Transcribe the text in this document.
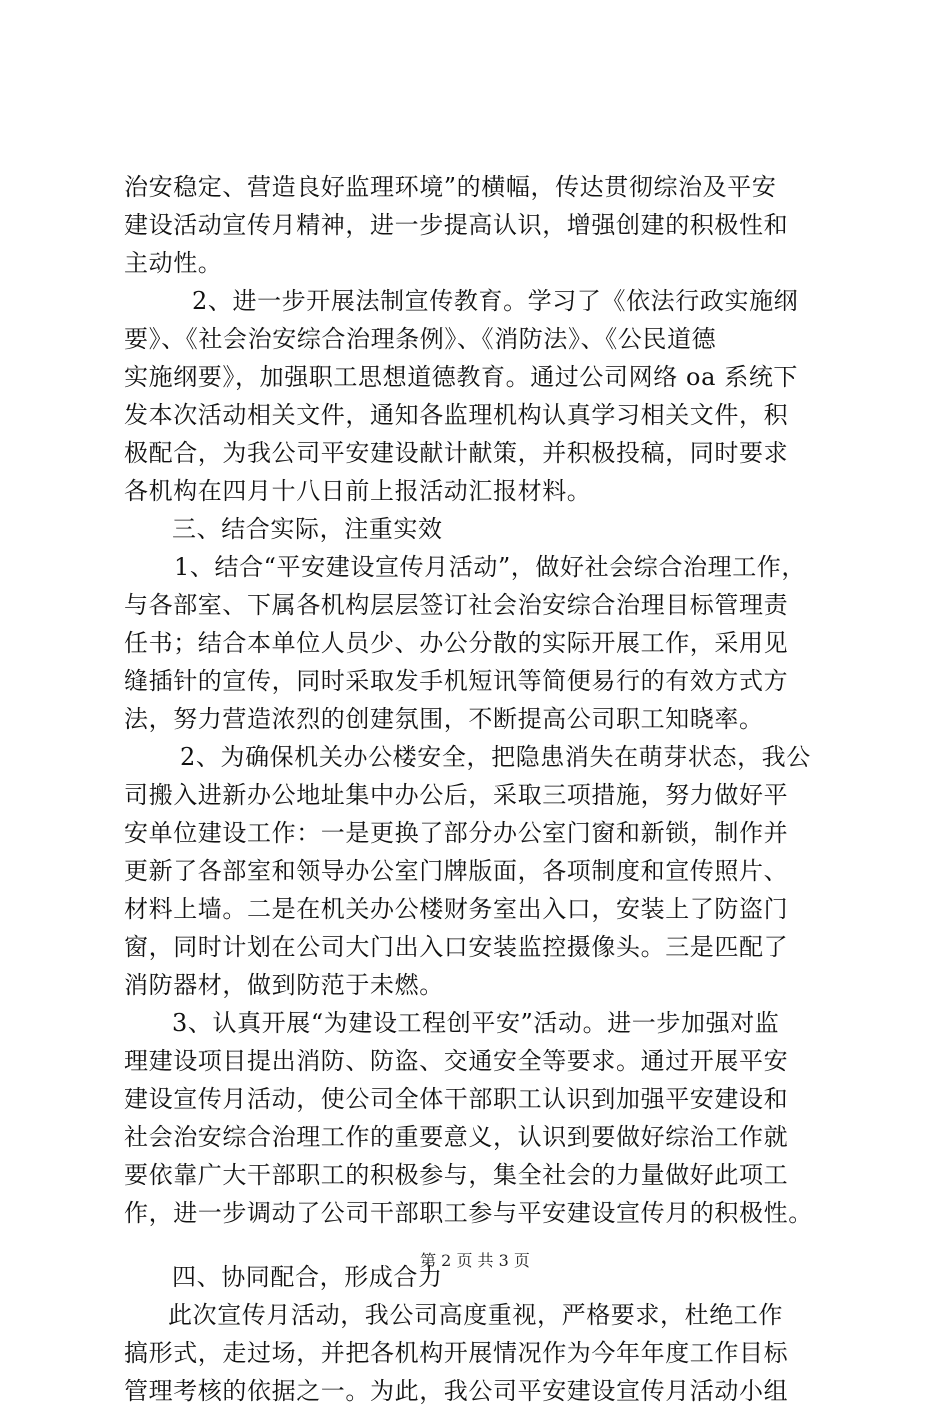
治安稳定、营造良好监理环境”的横幅，传达贯彻综治及平安
建设活动宣传月精神，进一步提高认识，增强创建的积极性和
主动性。
2、进一步开展法制宣传教育。学习了《依法行政实施纲
要》、《社会治安综合治理条例》、《消防法》、《公民道德
实施纲要》，加强职工思想道德教育。通过公司网络 oa 系统下
发本次活动相关文件，通知各监理机构认真学习相关文件，积
极配合，为我公司平安建设献计献策，并积极投稿，同时要求
各机构在四月十八日前上报活动汇报材料。
三、结合实际，注重实效
1、结合“平安建设宣传月活动”，做好社会综合治理工作，
与各部室、下属各机构层层签订社会治安综合治理目标管理责
任书；结合本单位人员少、办公分散的实际开展工作，采用见
缝插针的宣传，同时采取发手机短讯等简便易行的有效方式方
法，努力营造浓烈的创建氛围，不断提高公司职工知晓率。
2、为确保机关办公楼安全，把隐患消失在萌芽状态，我公
司搬入进新办公地址集中办公后，采取三项措施，努力做好平
安单位建设工作：一是更换了部分办公室门窗和新锁，制作并
更新了各部室和领导办公室门牌版面，各项制度和宣传照片、
材料上墙。二是在机关办公楼财务室出入口，安装上了防盗门
窗，同时计划在公司大门出入口安装监控摄像头。三是匹配了
消防器材，做到防范于未燃。
3、认真开展“为建设工程创平安”活动。进一步加强对监
理建设项目提出消防、防盗、交通安全等要求。通过开展平安
建设宣传月活动，使公司全体干部职工认识到加强平安建设和
社会治安综合治理工作的重要意义，认识到要做好综治工作就
要依靠广大干部职工的积极参与，集全社会的力量做好此项工
作，进一步调动了公司干部职工参与平安建设宣传月的积极性。
四、协同配合，形成合力
此次宣传月活动，我公司高度重视，严格要求，杜绝工作
搞形式，走过场，并把各机构开展情况作为今年年度工作目标
管理考核的依据之一。为此，我公司平安建设宣传月活动小组
第 2 页 共 3 页
